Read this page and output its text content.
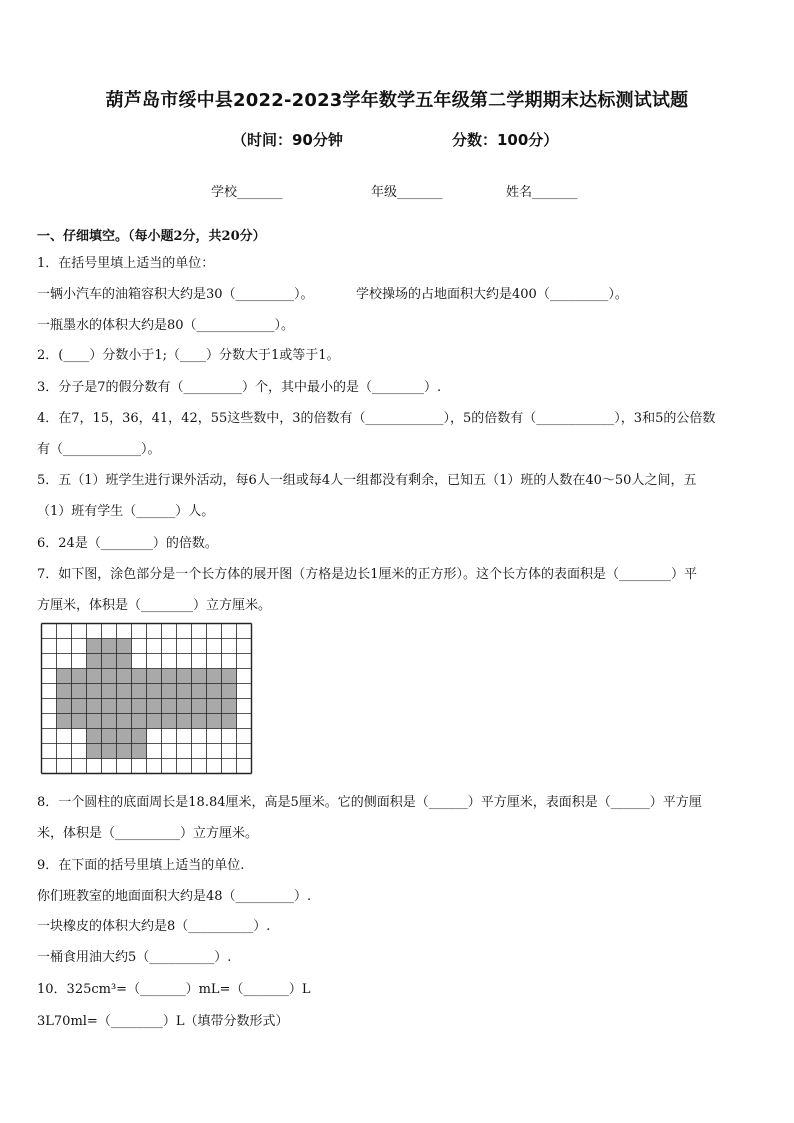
葫芦岛市绥中县2022-2023学年数学五年级第二学期期末达标测试试题
（时间：90分钟	分数：100分）
学校_______	年级_______	姓名_______
一、仔细填空。（每小题2分，共20分）
1．在括号里填上适当的单位：
一辆小汽车的油箱容积大约是30（_________）。	学校操场的占地面积大约是400（_________）。
一瓶墨水的体积大约是80（____________）。
2．(____）分数小于1;（____）分数大于1或等于1。
3．分子是7的假分数有（_________）个，其中最小的是（________）.
4．在7，15，36，41，42，55这些数中，3的倍数有（____________），5的倍数有（____________），3和5的公倍数
有（____________）。
5．五（1）班学生进行课外活动，每6人一组或每4人一组都没有剩余，已知五（1）班的人数在40～50人之间，五
（1）班有学生（______）人。
6．24是（________）的倍数。
7．如下图，涂色部分是一个长方体的展开图（方格是边长1厘米的正方形）。这个长方体的表面积是（________）平
方厘米，体积是（________）立方厘米。
8．一个圆柱的底面周长是18.84厘米，高是5厘米。它的侧面积是（______）平方厘米，表面积是（______）平方厘
米，体积是（__________）立方厘米。
9．在下面的括号里填上适当的单位.
你们班教室的地面面积大约是48（_________）.
一块橡皮的体积大约是8（__________）.
一桶食用油大约5（__________）.
10．325cm³=（_______）mL=（_______）L
3L70ml=（________）L（填带分数形式）
